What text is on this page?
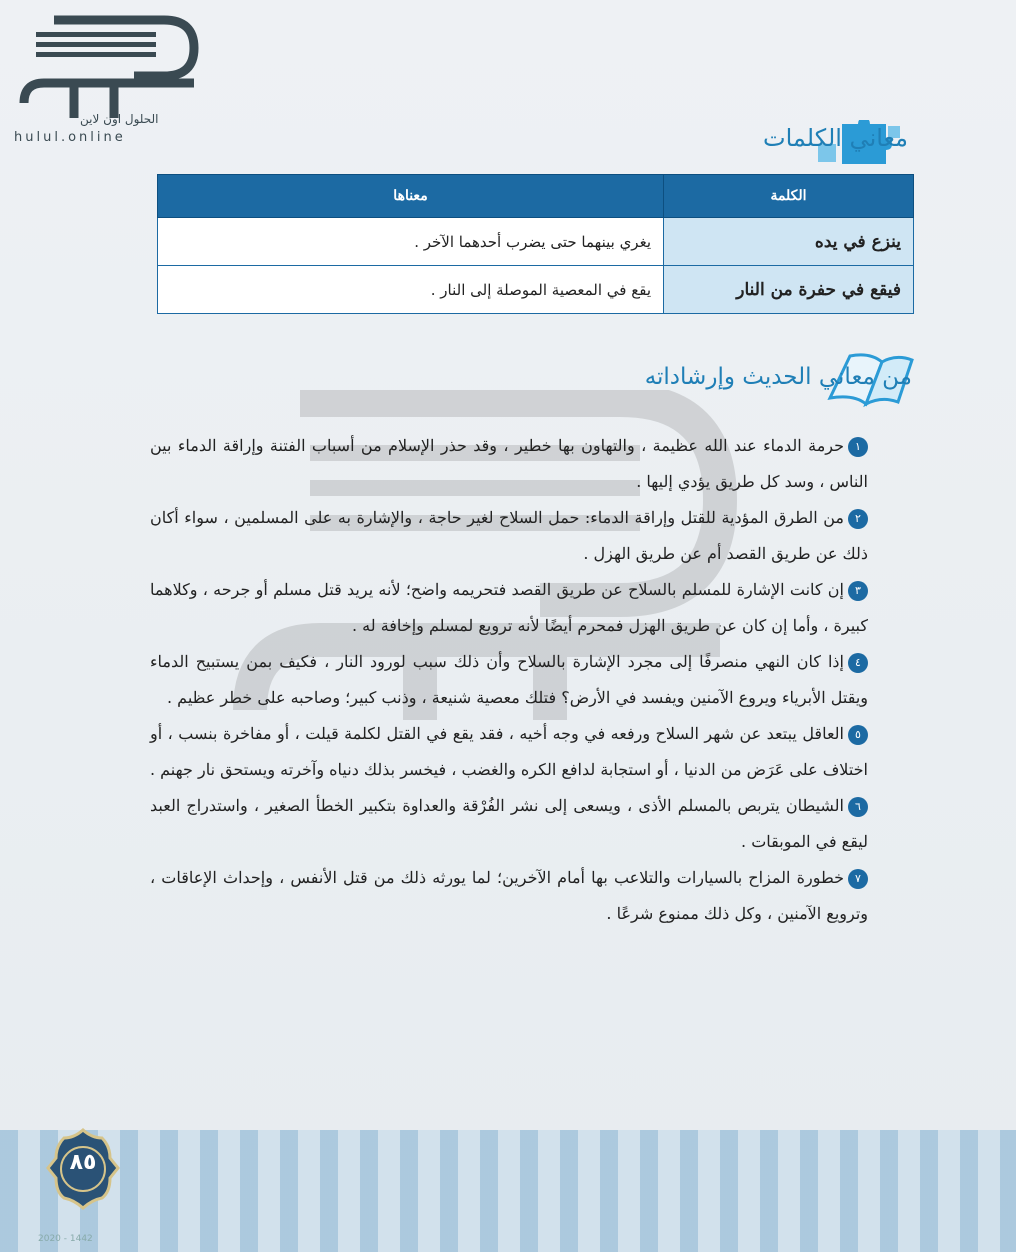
الحلول اون لاين
hulul.online	معاني الكلمات
الكلمة	معناها
ينزع في يده	يغري بينهما حتى يضرب أحدهما الآخر .
فيقع في حفرة من النار	يقع في المعصية الموصلة إلى النار .
من معاني الحديث وإرشاداته

١حرمة الدماء عند الله عظيمة ، والتهاون بها خطير ، وقد حذر الإسلام من أسباب الفتنة وإراقة الدماء بين الناس ، وسد كل طريق يؤدي إليها .

٢من الطرق المؤدية للقتل وإراقة الدماء: حمل السلاح لغير حاجة ، والإشارة به على المسلمين ، سواء أكان ذلك عن طريق القصد أم عن طريق الهزل .

٣إن كانت الإشارة للمسلم بالسلاح عن طريق القصد فتحريمه واضح؛ لأنه يريد قتل مسلم أو جرحه ، وكلاهما كبيرة ، وأما إن كان عن طريق الهزل فمحرم أيضًا لأنه ترويع لمسلم وإخافة له .

٤إذا كان النهي منصرفًا إلى مجرد الإشارة بالسلاح وأن ذلك سبب لورود النار ، فكيف بمن يستبيح الدماء ويقتل الأبرياء ويروع الآمنين ويفسد في الأرض؟ فتلك معصية شنيعة ، وذنب كبير؛ وصاحبه على خطر عظيم .

٥العاقل يبتعد عن شهر السلاح ورفعه في وجه أخيه ، فقد يقع في القتل لكلمة قيلت ، أو مفاخرة بنسب ، أو اختلاف على عَرَض من الدنيا ، أو استجابة لدافع الكره والغضب ، فيخسر بذلك دنياه وآخرته ويستحق نار جهنم .

٦الشيطان يتربص بالمسلم الأذى ، ويسعى إلى نشر الفُرْقة والعداوة بتكبير الخطأ الصغير ، واستدراج العبد ليقع في الموبقات .

٧خطورة المزاح بالسيارات والتلاعب بها أمام الآخرين؛ لما يورثه ذلك من قتل الأنفس ، وإحداث الإعاقات ، وترويع الآمنين ، وكل ذلك ممنوع شرعًا .

٨٥
2020 - 1442
